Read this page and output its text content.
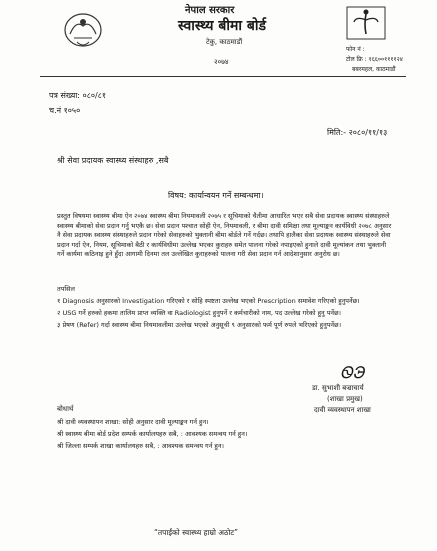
नेपाल सरकार
स्वास्थ्य बीमा बोर्ड
टेकु, काठमाडौं
२०७४
फोन नं :
टोल फ्रि : १६६००११११२४
बबरमहल, काठमाडौं
पत्र संख्या: ०८०/८१
च.नं १०५०
मिति:- २०८०/११/१३
श्री सेवा प्रदायक स्वास्थ्य संस्थाहरु ,सबै
विषय: कार्यान्वयन गर्ने सम्बन्धमा।
प्रस्तुत विषयमा स्वास्थ्य बीमा ऐन २०७४ स्वास्थ्य बीमा नियमावली २०७५ र सूचिमाको चैतीमा आधारित भएर सबै सेवा प्रदायक स्वास्थ्य संस्थाहरुले स्वास्थ्य बीमाको सेवा प्रदान गर्नु भएकै छ। सेवा प्रदान पश्चात सोही ऐन, नियमावली, र बीमा दावी समिक्षा तथा मूल्याङ्कन कार्यविधी २०७८ अनुसार नै सेवा प्रदायक स्वास्थ्य संस्थाहरुले प्रदान गरेको सेवाहरुको भुक्तानी बीमा बोर्डले गर्ने गर्दछ। तथापि हालैका सेवा प्रदायक स्वास्थ्य संस्थाहरुले सेवा प्रदान गर्दा ऐन, नियम, सूचिमाको बैठी र कार्यविधीमा उल्लेख भएका कुराहरु समेत पालना गरेको नपाइएको हुनाले दावी मूल्यांकन तथा भुक्तानी गर्ने कार्यमा कठिनाइ हुने हुँदा आगामी दिनमा तल उल्लेखित कुराहरुको पालना गरी सेवा प्रदान गर्न आदेशानुसार अनुरोध छ।
तपसिल
१ Diagnosis अनुसारको Investigation गरिएको र सोहि स्पष्टता उल्लेख भएको Prescription समावेश गरिएको हुनुपर्नेछ।
२ USG गर्ने हरुको हकमा तालिम प्राप्त व्यक्ति वा Radiologist हुनुपर्ने र कर्मचारीको नाम, पद उल्लेख गरेको हुनु पर्नेछ।
३ प्रेषण (Refer) गर्दा स्वास्थ्य बीमा नियमावलीमा उल्लेख भएको अनुसूची ९ अनुसारको फर्म पूर्ण रुपले भरिएको हुनुपर्नेछ।
Ꮻ℈
डा. सुभाशी बज्राचार्य
(शाखा प्रमुख)
दावी व्यवस्थापन शाखा
बोधार्थ
श्री दावी व्यवस्थापन शाखा: सोही अनुसार दावी मूल्याङ्कन गर्न हुन।
श्री स्वास्थ्य बीमा बोर्ड प्रदेश सम्पर्क कार्यालयहरु सबै, : आवश्यक समन्वय गर्न हुन।
श्री जिल्ला सम्पर्क शाखा कार्यालयहरु सबै, : आवश्यक समन्वय गर्न हुन।
“तपाईंको स्वास्थ्य हाम्रो अठोट”
